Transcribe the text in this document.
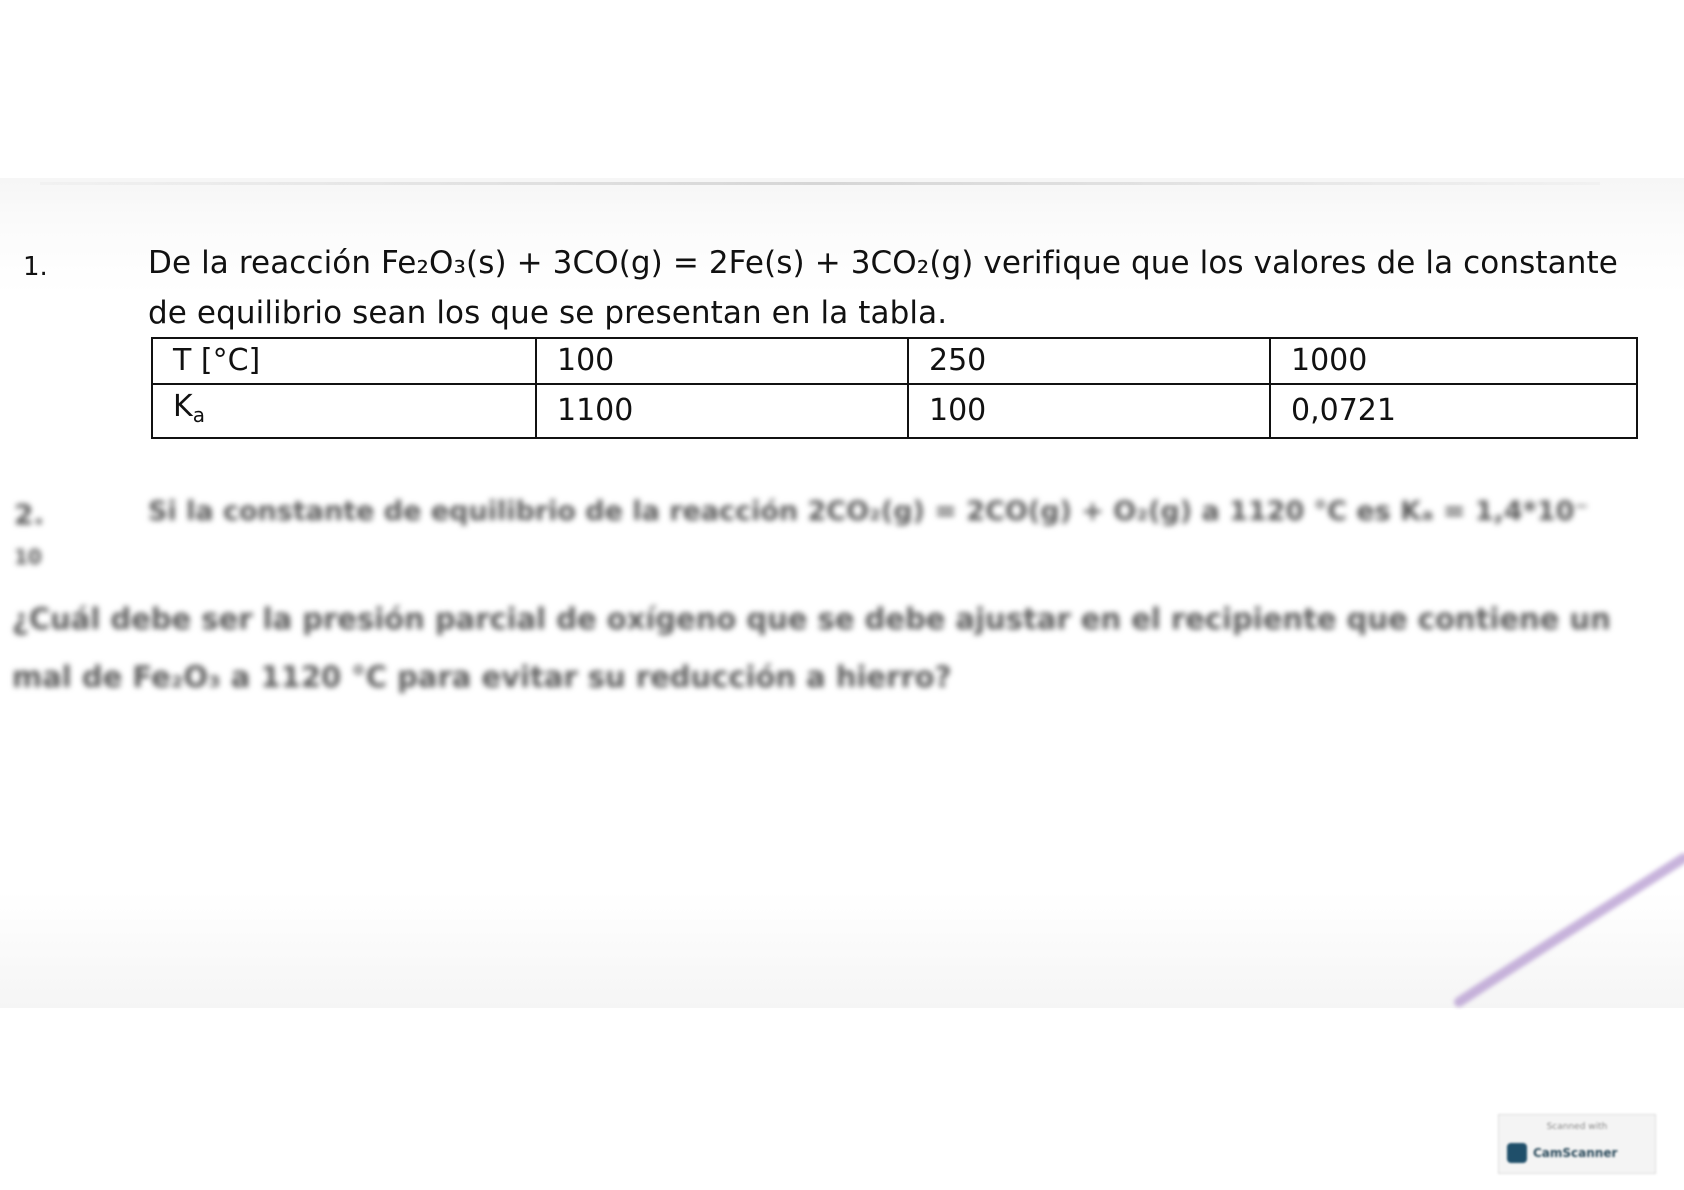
1.	De la reacción Fe₂O₃(s) + 3CO(g) = 2Fe(s) + 3CO₂(g) verifique que los valores de la constante
de equilibrio sean los que se presentan en la tabla.
T [°C]	100	250	1000
$K_a$	1100	100	0,0721
2.
10
Si la constante de equilibrio de la reacción 2CO₂(g) = 2CO(g) + O₂(g) a 1120 °C es Kₐ = 1,4*10⁻
¿Cuál debe ser la presión parcial de oxígeno que se debe ajustar en el recipiente que contiene un
mal de Fe₂O₃ a 1120 °C para evitar su reducción a hierro?
Scanned with
CamScanner
